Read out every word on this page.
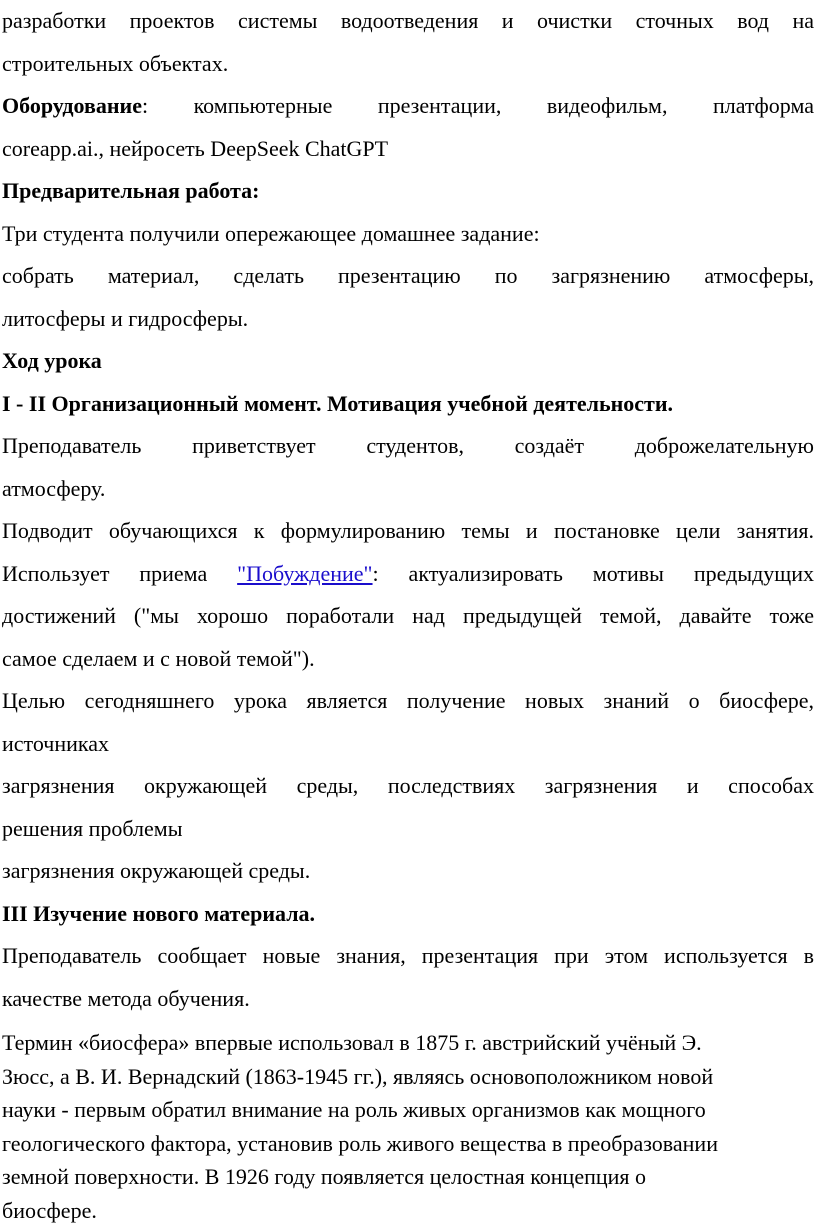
разработки проектов системы водоотведения и очистки сточных вод на

строительных объектах.

Оборудование: компьютерные презентации, видеофильм, платформа

coreapp.ai., нейросеть DeepSeek ChatGPT

Предварительная работа:

Три студента получили опережающее домашнее задание:

собрать материал, сделать презентацию по загрязнению атмосферы,

литосферы и гидросферы.

Ход урока

I - II Организационный момент. Мотивация учебной деятельности.

Преподаватель приветствует студентов, создаёт доброжелательную

атмосферу.

Подводит обучающихся к формулированию темы и постановке цели занятия.

Использует приема "Побуждение": актуализировать мотивы предыдущих

достижений ("мы хорошо поработали над предыдущей темой, давайте тоже

самое сделаем и с новой темой").

Целью сегодняшнего урока является получение новых знаний о биосфере,

источниках

загрязнения окружающей среды, последствиях загрязнения и способах

решения проблемы

загрязнения окружающей среды.

III Изучение нового материала.

Преподаватель сообщает новые знания, презентация при этом используется в

качестве метода обучения.

Термин «биосфера» впервые использовал в 1875 г. австрийский учёный Э.

Зюсс, а В. И. Вернадский (1863-1945 гг.), являясь основоположником новой

науки - первым обратил внимание на роль живых организмов как мощного

геологического фактора, установив роль живого вещества в преобразовании

земной поверхности. В 1926 году появляется целостная концепция о

биосфере.
